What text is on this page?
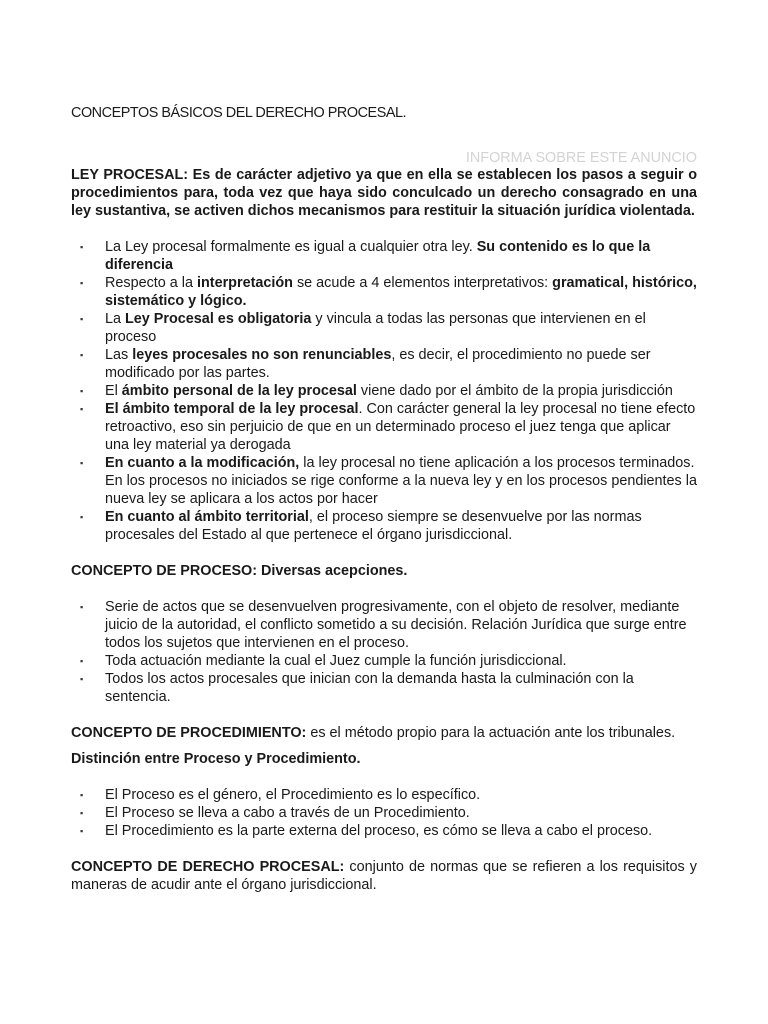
CONCEPTOS BÁSICOS DEL DERECHO PROCESAL.
INFORMA SOBRE ESTE ANUNCIO

LEY PROCESAL: Es de carácter adjetivo ya que en ella se establecen los pasos a seguir o procedimientos para, toda vez que haya sido conculcado un derecho consagrado en una ley sustantiva, se activen dichos mecanismos para restituir la situación jurídica violentada.

▪ La Ley procesal formalmente es igual a cualquier otra ley. Su contenido es lo que la diferencia
▪ Respecto a la interpretación se acude a 4 elementos interpretativos: gramatical, histórico, sistemático y lógico.
▪ La Ley Procesal es obligatoria y vincula a todas las personas que intervienen en el proceso
▪ Las leyes procesales no son renunciables, es decir, el procedimiento no puede ser modificado por las partes.
▪ El ámbito personal de la ley procesal viene dado por el ámbito de la propia jurisdicción
▪ El ámbito temporal de la ley procesal. Con carácter general la ley procesal no tiene efecto retroactivo, eso sin perjuicio de que en un determinado proceso el juez tenga que aplicar una ley material ya derogada
▪ En cuanto a la modificación, la ley procesal no tiene aplicación a los procesos terminados. En los procesos no iniciados se rige conforme a la nueva ley y en los procesos pendientes la nueva ley se aplicara a los actos por hacer
▪ En cuanto al ámbito territorial, el proceso siempre se desenvuelve por las normas procesales del Estado al que pertenece el órgano jurisdiccional.

CONCEPTO DE PROCESO: Diversas acepciones.

▪ Serie de actos que se desenvuelven progresivamente, con el objeto de resolver, mediante juicio de la autoridad, el conflicto sometido a su decisión. Relación Jurídica que surge entre todos los sujetos que intervienen en el proceso.
▪ Toda actuación mediante la cual el Juez cumple la función jurisdiccional.
▪ Todos los actos procesales que inician con la demanda hasta la culminación con la sentencia.

CONCEPTO DE PROCEDIMIENTO: es el método propio para la actuación ante los tribunales.

Distinción entre Proceso y Procedimiento.

▪ El Proceso es el género, el Procedimiento es lo específico.
▪ El Proceso se lleva a cabo a través de un Procedimiento.
▪ El Procedimiento es la parte externa del proceso, es cómo se lleva a cabo el proceso.

CONCEPTO DE DERECHO PROCESAL: conjunto de normas que se refieren a los requisitos y maneras de acudir ante el órgano jurisdiccional.
